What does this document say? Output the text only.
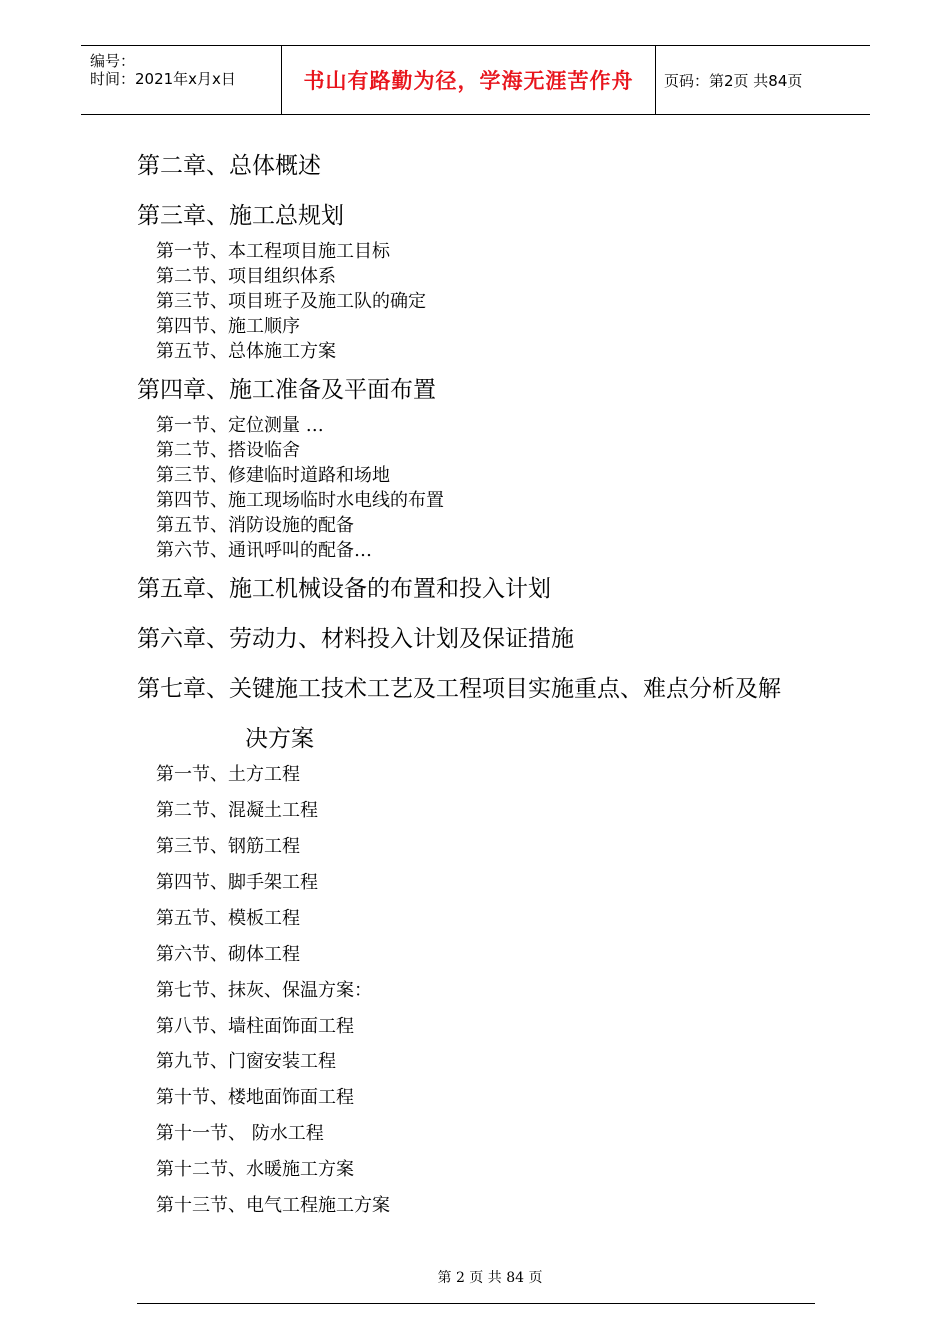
编号：
时间：2021年x月x日	书山有路勤为径，学海无涯苦作舟 页码：第2页 共84页
第二章、总体概述
第三章、施工总规划
第一节、本工程项目施工目标
第二节、项目组织体系
第三节、项目班子及施工队的确定
第四节、施工顺序
第五节、总体施工方案
第四章、施工准备及平面布置
第一节、定位测量 …
第二节、搭设临舍
第三节、修建临时道路和场地
第四节、施工现场临时水电线的布置
第五节、消防设施的配备
第六节、通讯呼叫的配备…
第五章、施工机械设备的布置和投入计划
第六章、劳动力、材料投入计划及保证措施
第七章、关键施工技术工艺及工程项目实施重点、难点分析及解
决方案
第一节、土方工程
第二节、混凝土工程
第三节、钢筋工程
第四节、脚手架工程
第五节、模板工程
第六节、砌体工程
第七节、抹灰、保温方案：
第八节、墙柱面饰面工程
第九节、门窗安装工程
第十节、楼地面饰面工程
第十一节、 防水工程
第十二节、水暖施工方案
第十三节、电气工程施工方案
第 2 页 共 84 页
